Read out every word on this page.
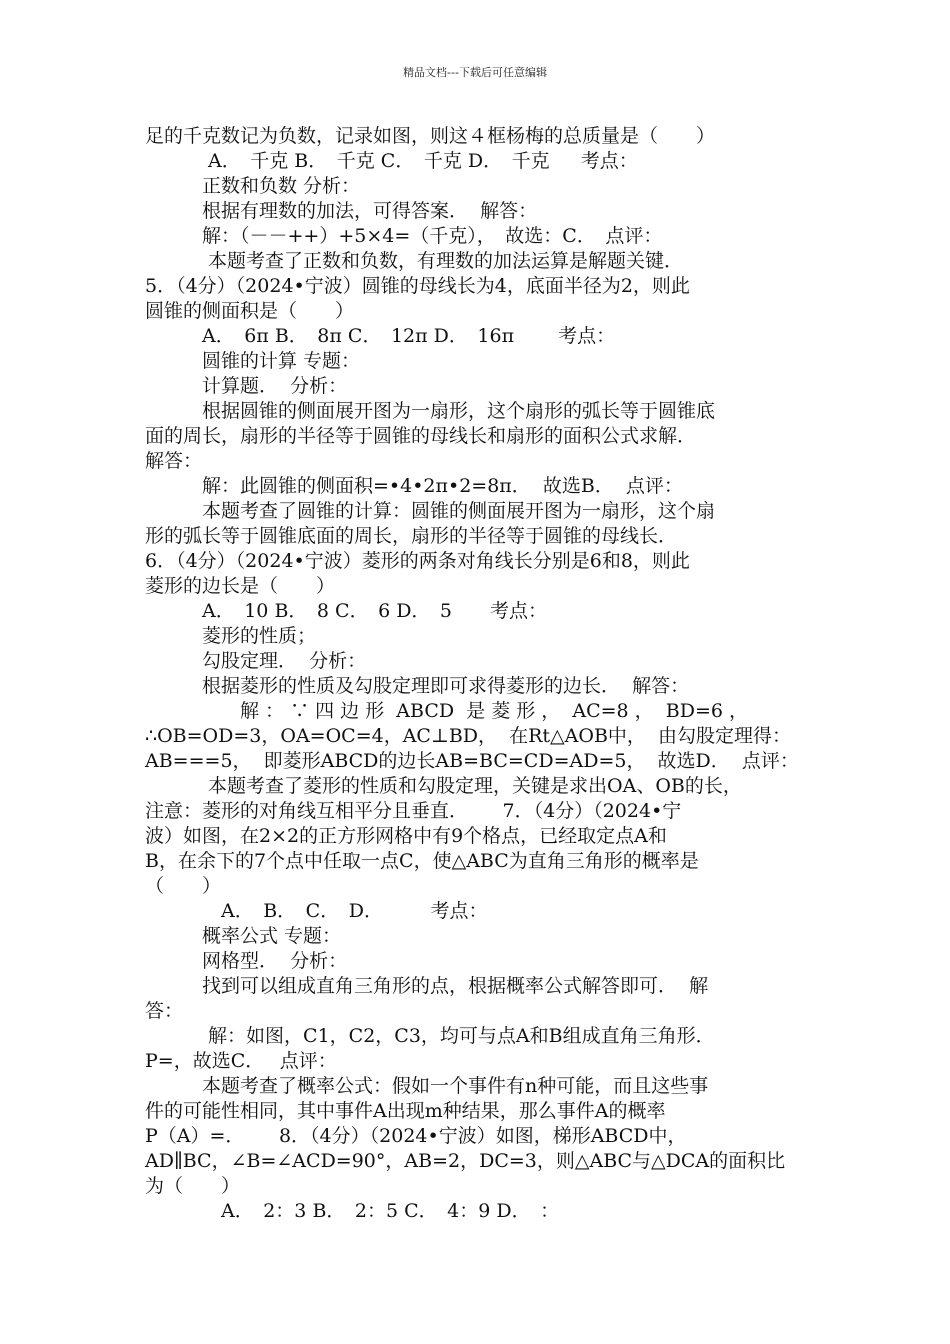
精品文档---下载后可任意编辑
足的千克数记为负数，记录如图，则这４框杨梅的总质量是（　　）
　　　 A．　千克 B．　千克 C．　千克 D．　千克 　 考点：
　　　正数和负数 分析：
　　　根据有理数的加法，可得答案．  解答：
　　　解：（－－++）+5×4=（千克），　故选：C．　点评：
　　　 本题考查了正数和负数，有理数的加法运算是解题关键．
5．（4分）（2024•宁波）圆锥的母线长为4，底面半径为2，则此
圆锥的侧面积是（　　）
　　　A．　6π B．　8π C．　12π D．　16π　　 考点：
　　　圆锥的计算 专题：
　　　计算题．  分析：
　　　根据圆锥的侧面展开图为一扇形，这个扇形的弧长等于圆锥底
面的周长，扇形的半径等于圆锥的母线长和扇形的面积公式求解．
解答：
　　　解：此圆锥的侧面积=•4•2π•2=8π．  故选B．  点评：
　　　本题考查了圆锥的计算：圆锥的侧面展开图为一扇形，这个扇
形的弧长等于圆锥底面的周长，扇形的半径等于圆锥的母线长．
6．（4分）（2024•宁波）菱形的两条对角线长分别是6和8，则此
菱形的边长是（　　）
　　　A．　10 B．　8 C．　6 D．　5　　考点：
　　　菱形的性质；
　　　勾股定理．  分析：
　　　根据菱形的性质及勾股定理即可求得菱形的边长．  解答：
　　　　　解 ： ∵ 四 边 形  ABCD  是 菱 形 ，  AC=8 ，  BD=6 ，
∴OB=OD=3，OA=OC=4，AC⊥BD，  在Rt△AOB中，  由勾股定理得：
AB===5，  即菱形ABCD的边长AB=BC=CD=AD=5，  故选D．  点评：
　　　 本题考查了菱形的性质和勾股定理，关键是求出OA、OB的长，
注意：菱形的对角线互相平分且垂直．　　 7．（4分）（2024•宁
波）如图，在2×2的正方形网格中有9个格点，已经取定点A和
B，在余下的7个点中任取一点C，使△ABC为直角三角形的概率是
（　　）
　　　　A．　B．　C．　D．　　　考点：
　　　概率公式 专题：
　　　网格型．  分析：
　　　找到可以组成直角三角形的点，根据概率公式解答即可．  解
答：
　　　 解：如图，C1，C2，C3，均可与点A和B组成直角三角形．
P=，故选C．　 点评：
　　　本题考查了概率公式：假如一个事件有n种可能，而且这些事
件的可能性相同，其中事件A出现m种结果，那么事件A的概率
P（A）=．　　 8．（4分）（2024•宁波）如图，梯形ABCD中，
AD∥BC，∠B=∠ACD=90°，AB=2，DC=3，则△ABC与△DCA的面积比
为（　　）
　　　　A．　2：3 B．　2：5 C．　4：9 D．　：
